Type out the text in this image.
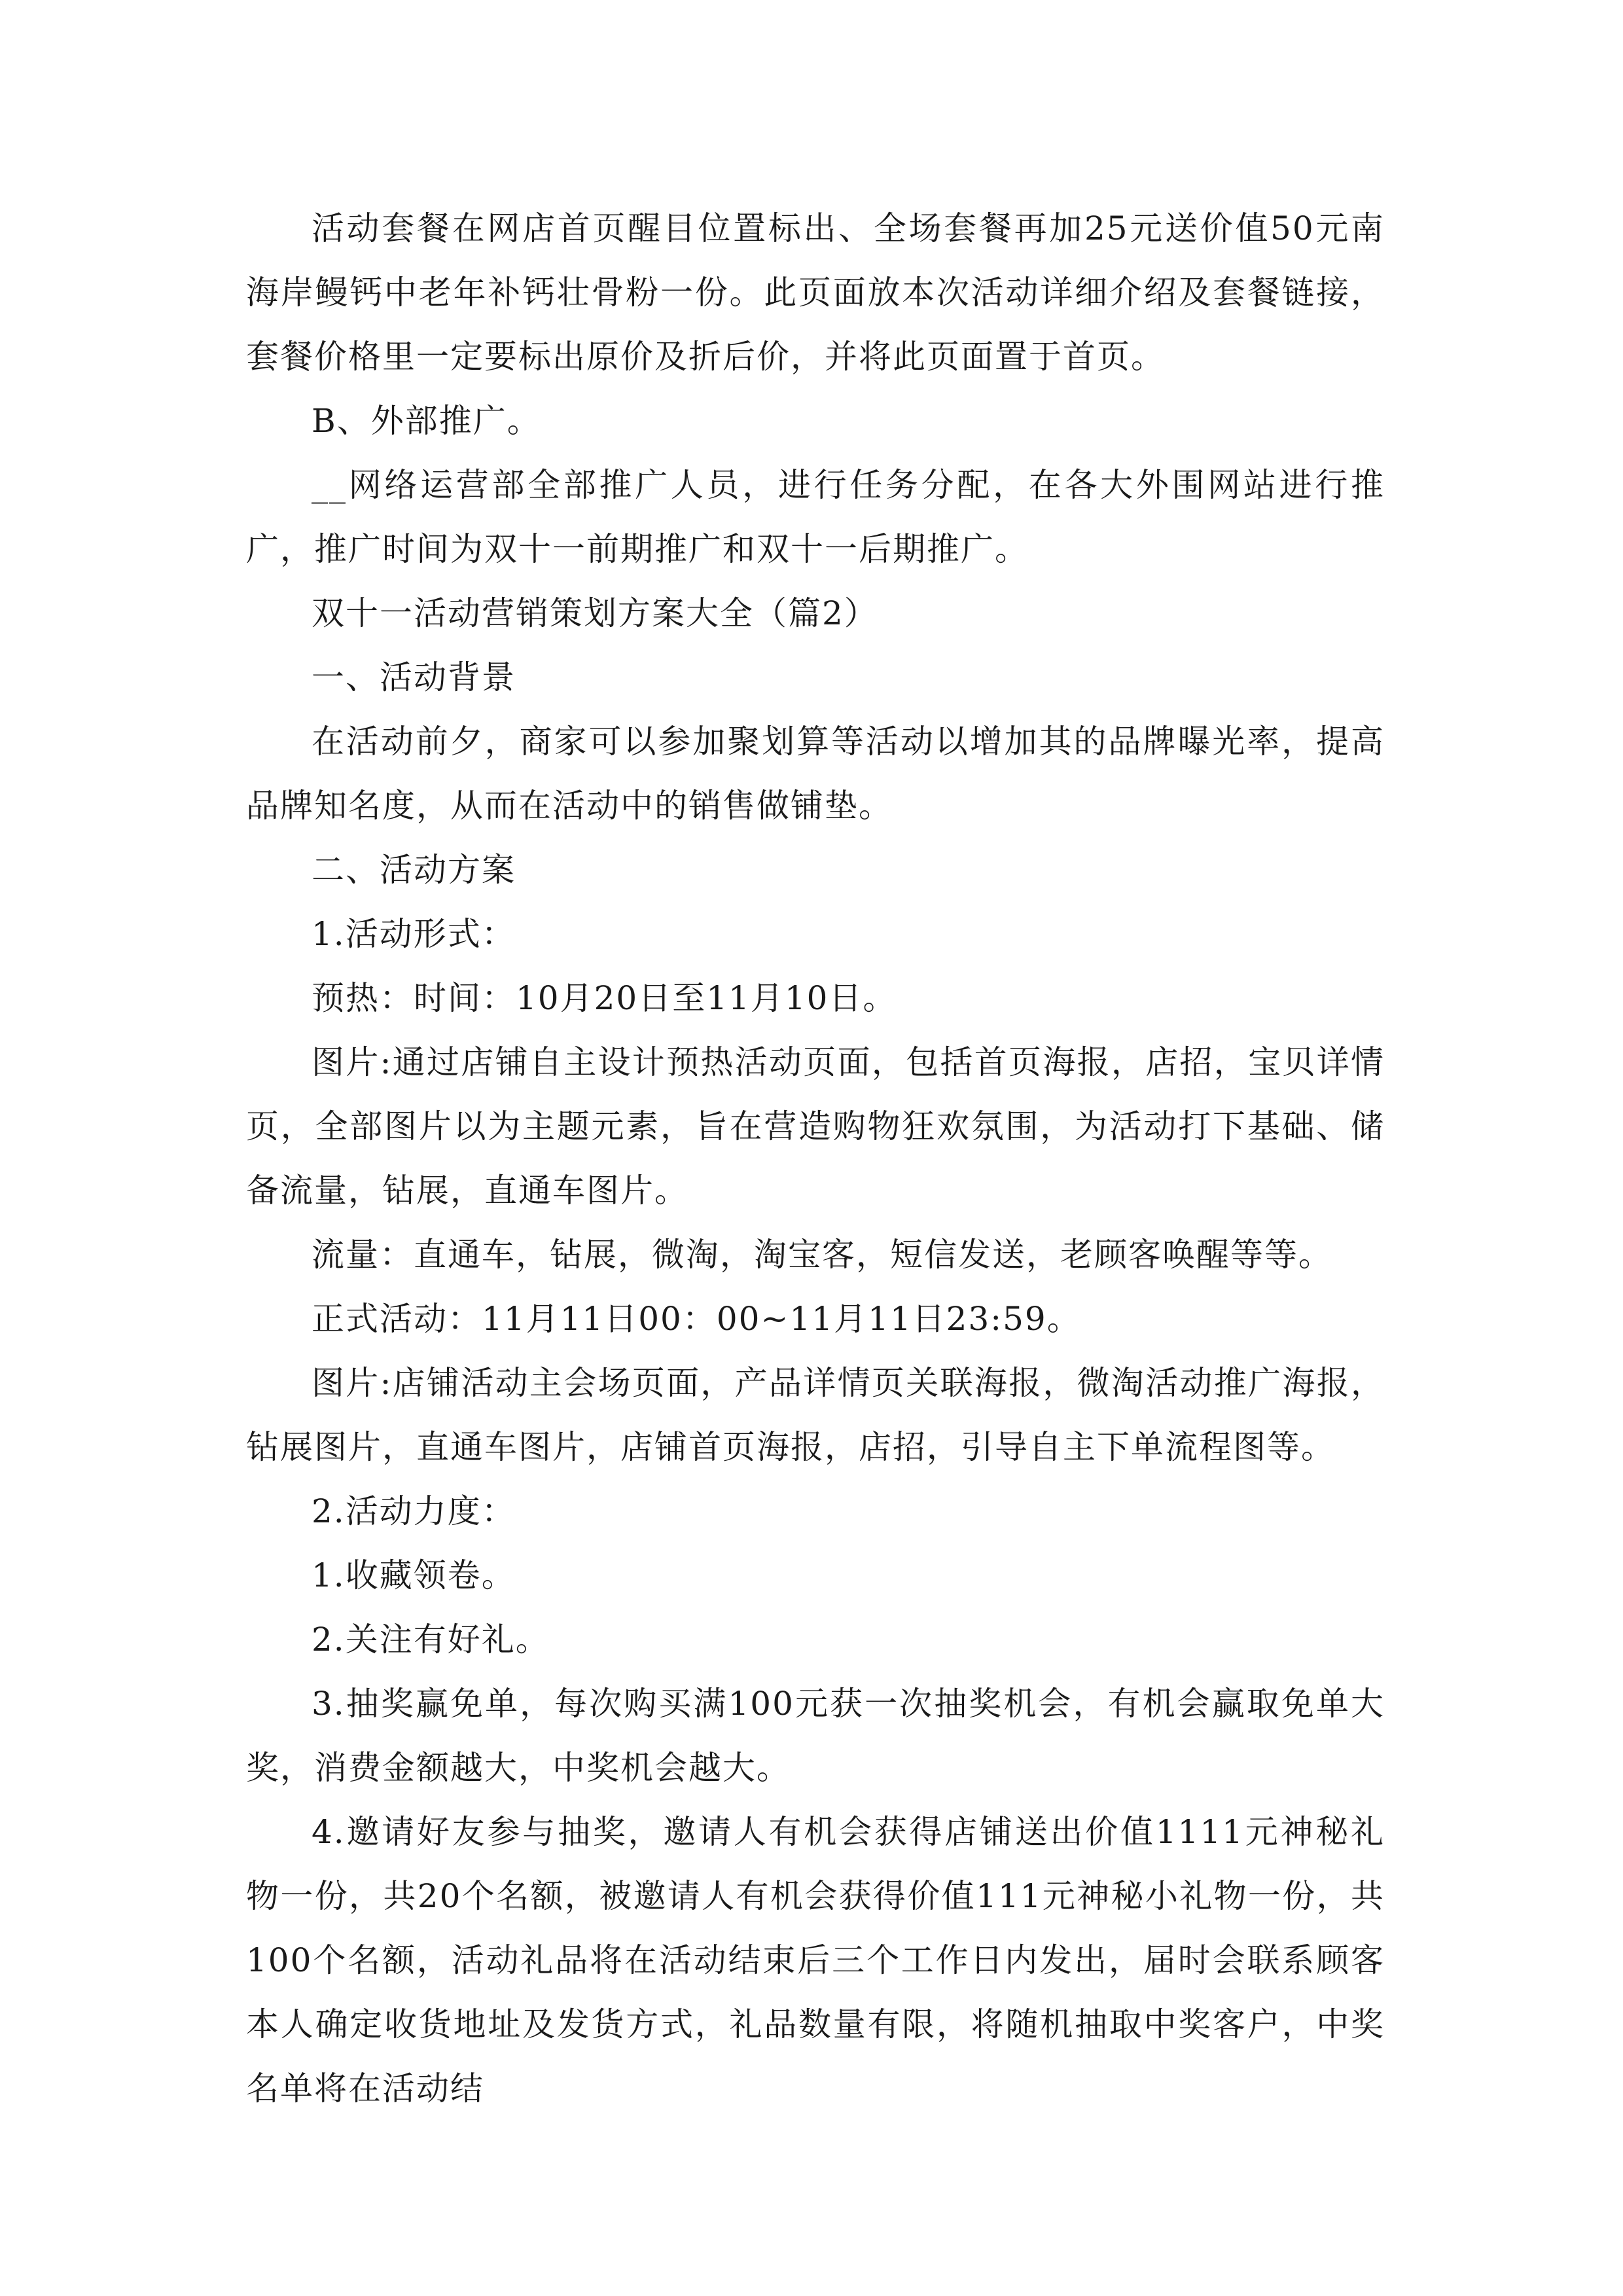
活动套餐在网店首页醒目位置标出、全场套餐再加25元送价值50元南海岸鳗钙中老年补钙壮骨粉一份。此页面放本次活动详细介绍及套餐链接，套餐价格里一定要标出原价及折后价，并将此页面置于首页。

B、外部推广。

__网络运营部全部推广人员，进行任务分配，在各大外围网站进行推广，推广时间为双十一前期推广和双十一后期推广。

双十一活动营销策划方案大全（篇2）

一、活动背景

在活动前夕，商家可以参加聚划算等活动以增加其的品牌曝光率，提高品牌知名度，从而在活动中的销售做铺垫。

二、活动方案

1.活动形式：

预热：时间：10月20日至11月10日。

图片:通过店铺自主设计预热活动页面，包括首页海报，店招，宝贝详情页，全部图片以为主题元素，旨在营造购物狂欢氛围，为活动打下基础、储备流量，钻展，直通车图片。

流量：直通车，钻展，微淘，淘宝客，短信发送，老顾客唤醒等等。

正式活动：11月11日00：00~11月11日23:59。

图片:店铺活动主会场页面，产品详情页关联海报，微淘活动推广海报，钻展图片，直通车图片，店铺首页海报，店招，引导自主下单流程图等。

2.活动力度：

1.收藏领卷。

2.关注有好礼。

3.抽奖赢免单，每次购买满100元获一次抽奖机会，有机会赢取免单大奖，消费金额越大，中奖机会越大。

4.邀请好友参与抽奖，邀请人有机会获得店铺送出价值1111元神秘礼物一份，共20个名额，被邀请人有机会获得价值111元神秘小礼物一份，共100个名额，活动礼品将在活动结束后三个工作日内发出，届时会联系顾客本人确定收货地址及发货方式，礼品数量有限，将随机抽取中奖客户，中奖名单将在活动结
